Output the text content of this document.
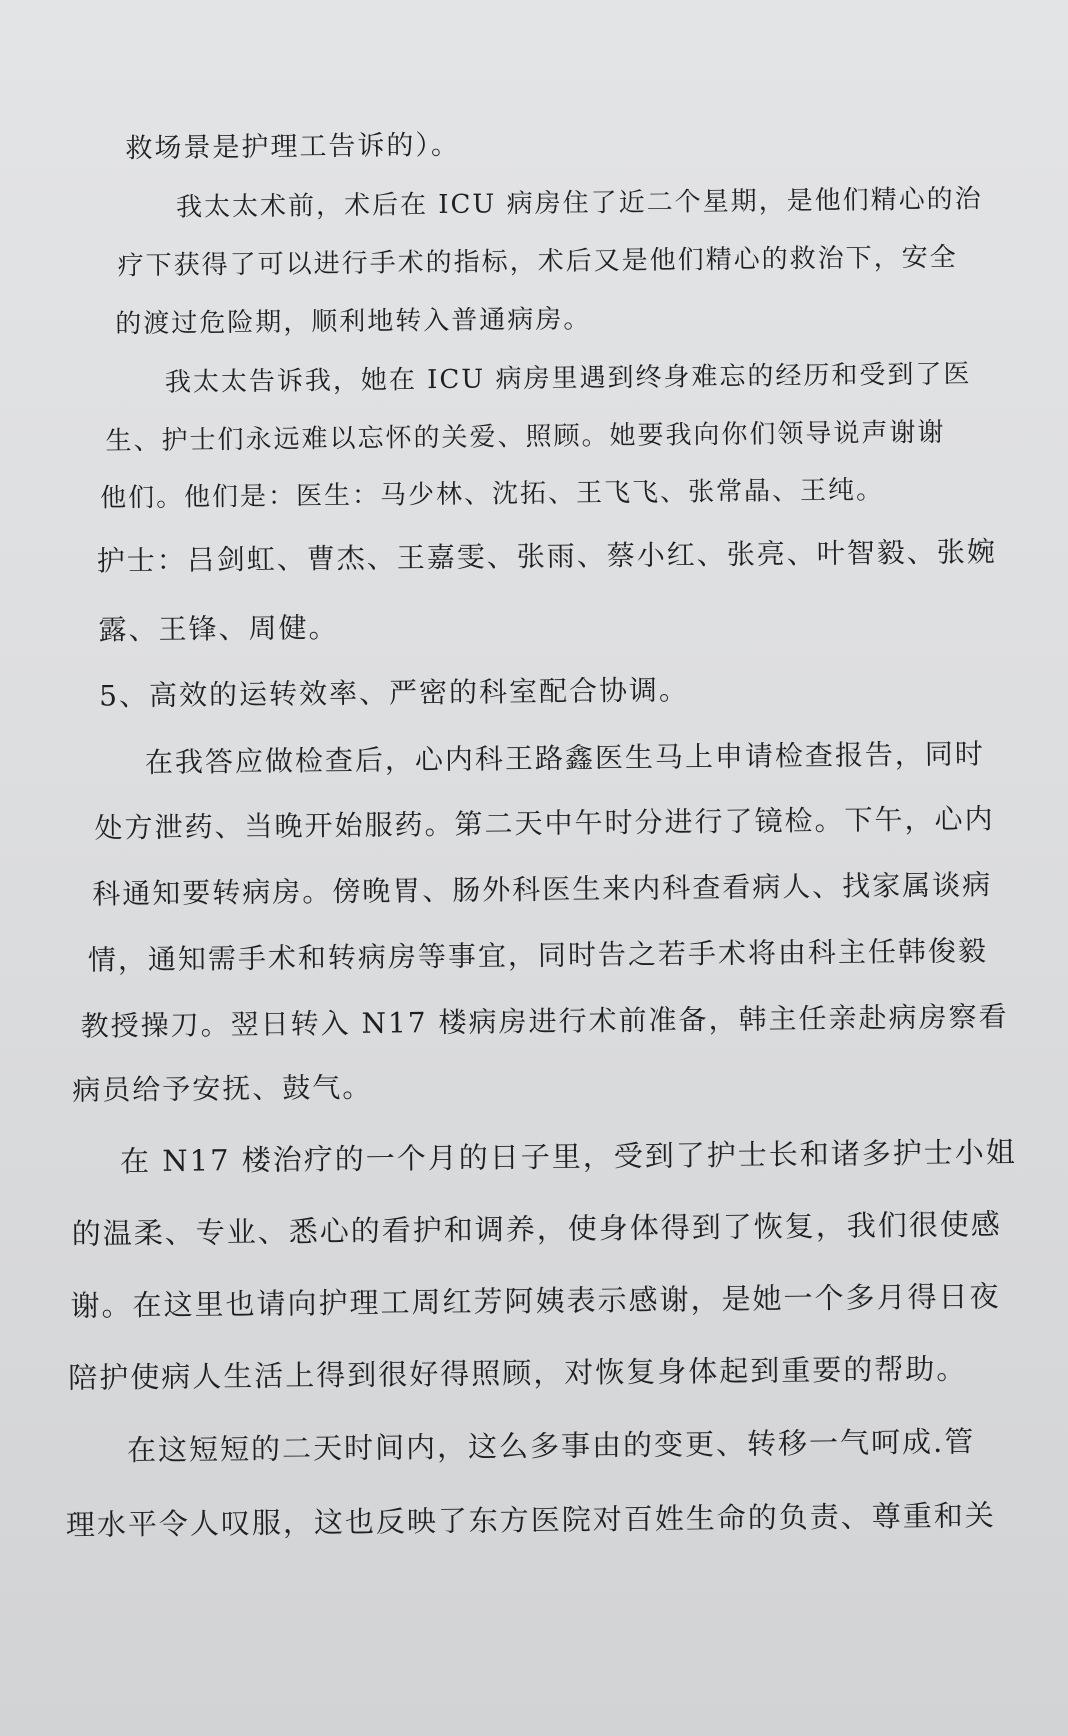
救场景是护理工告诉的）。
我太太术前，术后在 ICU 病房住了近二个星期，是他们精心的治
疗下获得了可以进行手术的指标，术后又是他们精心的救治下，安全
的渡过危险期，顺利地转入普通病房。
我太太告诉我，她在 ICU 病房里遇到终身难忘的经历和受到了医
生、护士们永远难以忘怀的关爱、照顾。她要我向你们领导说声谢谢
他们。他们是：医生：马少林、沈拓、王飞飞、张常晶、王纯。
护士：吕剑虹、曹杰、王嘉雯、张雨、蔡小红、张亮、叶智毅、张婉
露、王锋、周健。
5、高效的运转效率、严密的科室配合协调。
在我答应做检查后，心内科王路鑫医生马上申请检查报告，同时
处方泄药、当晚开始服药。第二天中午时分进行了镜检。下午，心内
科通知要转病房。傍晚胃、肠外科医生来内科查看病人、找家属谈病
情，通知需手术和转病房等事宜，同时告之若手术将由科主任韩俊毅
教授操刀。翌日转入 N17 楼病房进行术前准备，韩主任亲赴病房察看
病员给予安抚、鼓气。
在 N17 楼治疗的一个月的日子里，受到了护士长和诸多护士小姐
的温柔、专业、悉心的看护和调养，使身体得到了恢复，我们很使感
谢。在这里也请向护理工周红芳阿姨表示感谢，是她一个多月得日夜
陪护使病人生活上得到很好得照顾，对恢复身体起到重要的帮助。
在这短短的二天时间内，这么多事由的变更、转移一气呵成.管
理水平令人叹服，这也反映了东方医院对百姓生命的负责、尊重和关
